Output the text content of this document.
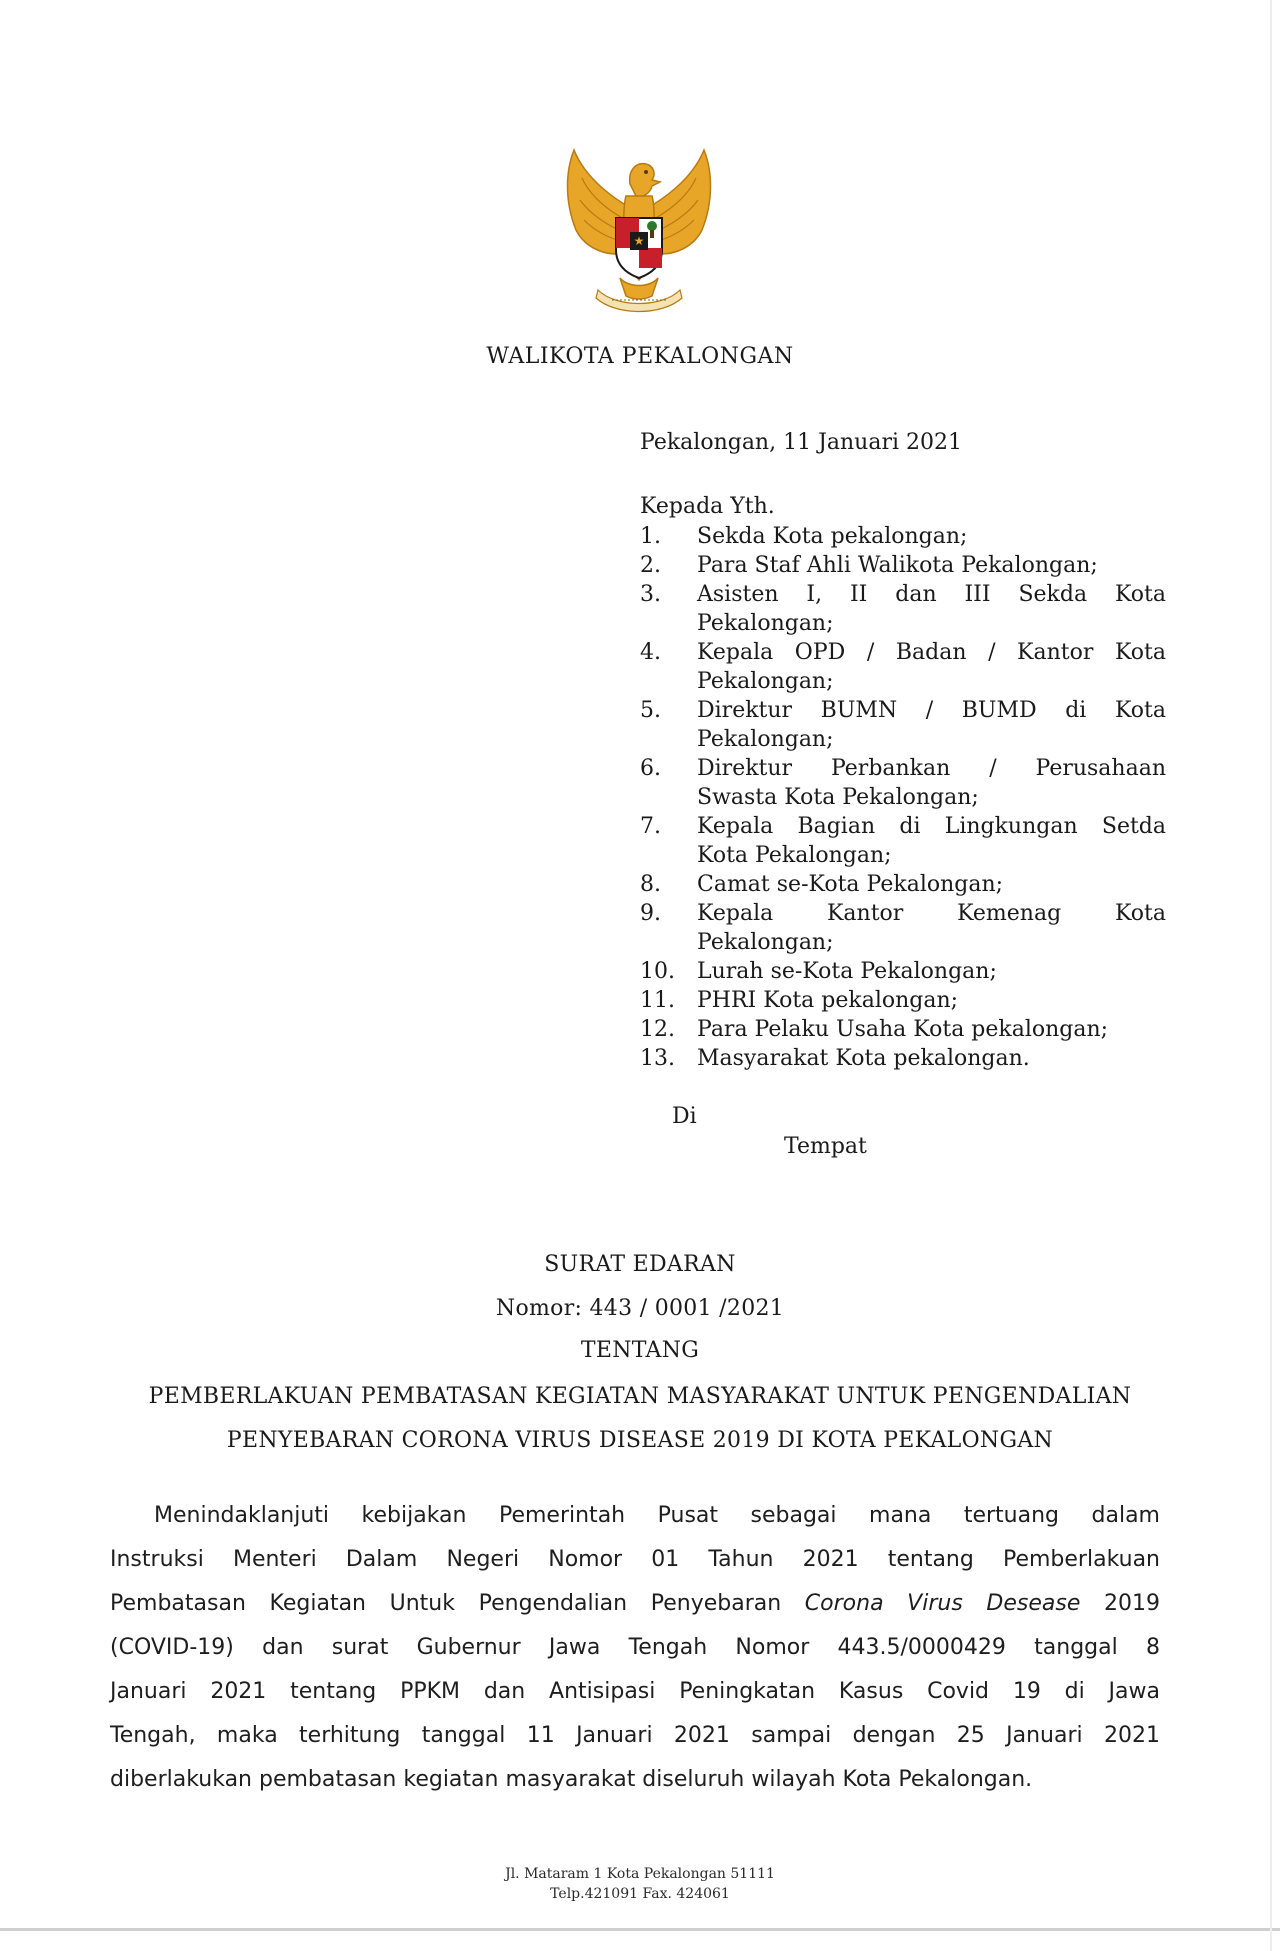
★
WALIKOTA PEKALONGAN
Pekalongan, 11 Januari 2021
Kepada Yth.
1.	Sekda Kota pekalongan;
2.	Para Staf Ahli Walikota Pekalongan;
3.	Asisten I, II dan III Sekda Kota
Pekalongan;
4.	Kepala OPD / Badan / Kantor Kota
Pekalongan;
5.	Direktur BUMN / BUMD di Kota
Pekalongan;
6.	Direktur Perbankan / Perusahaan
Swasta Kota Pekalongan;
7.	Kepala Bagian di Lingkungan Setda
Kota Pekalongan;
8.	Camat se-Kota Pekalongan;
9.	Kepala Kantor Kemenag Kota
Pekalongan;
10.	Lurah se-Kota Pekalongan;
11.	PHRI Kota pekalongan;
12.	Para Pelaku Usaha Kota pekalongan;
13.	Masyarakat Kota pekalongan.
Di
Tempat
SURAT EDARAN
Nomor: 443 / 0001 /2021
TENTANG
PEMBERLAKUAN PEMBATASAN KEGIATAN MASYARAKAT UNTUK PENGENDALIAN
PENYEBARAN CORONA VIRUS DISEASE 2019 DI KOTA PEKALONGAN
Menindaklanjuti kebijakan Pemerintah Pusat sebagai mana tertuang dalam
Instruksi Menteri Dalam Negeri Nomor 01 Tahun 2021 tentang Pemberlakuan
Pembatasan Kegiatan Untuk Pengendalian Penyebaran Corona Virus Desease 2019
(COVID-19) dan surat Gubernur Jawa Tengah Nomor 443.5/0000429 tanggal 8
Januari 2021 tentang PPKM dan Antisipasi Peningkatan Kasus Covid 19 di Jawa
Tengah, maka terhitung tanggal 11 Januari 2021 sampai dengan 25 Januari 2021
diberlakukan pembatasan kegiatan masyarakat diseluruh wilayah Kota Pekalongan.
Jl. Mataram 1 Kota Pekalongan 51111
Telp.421091 Fax. 424061
